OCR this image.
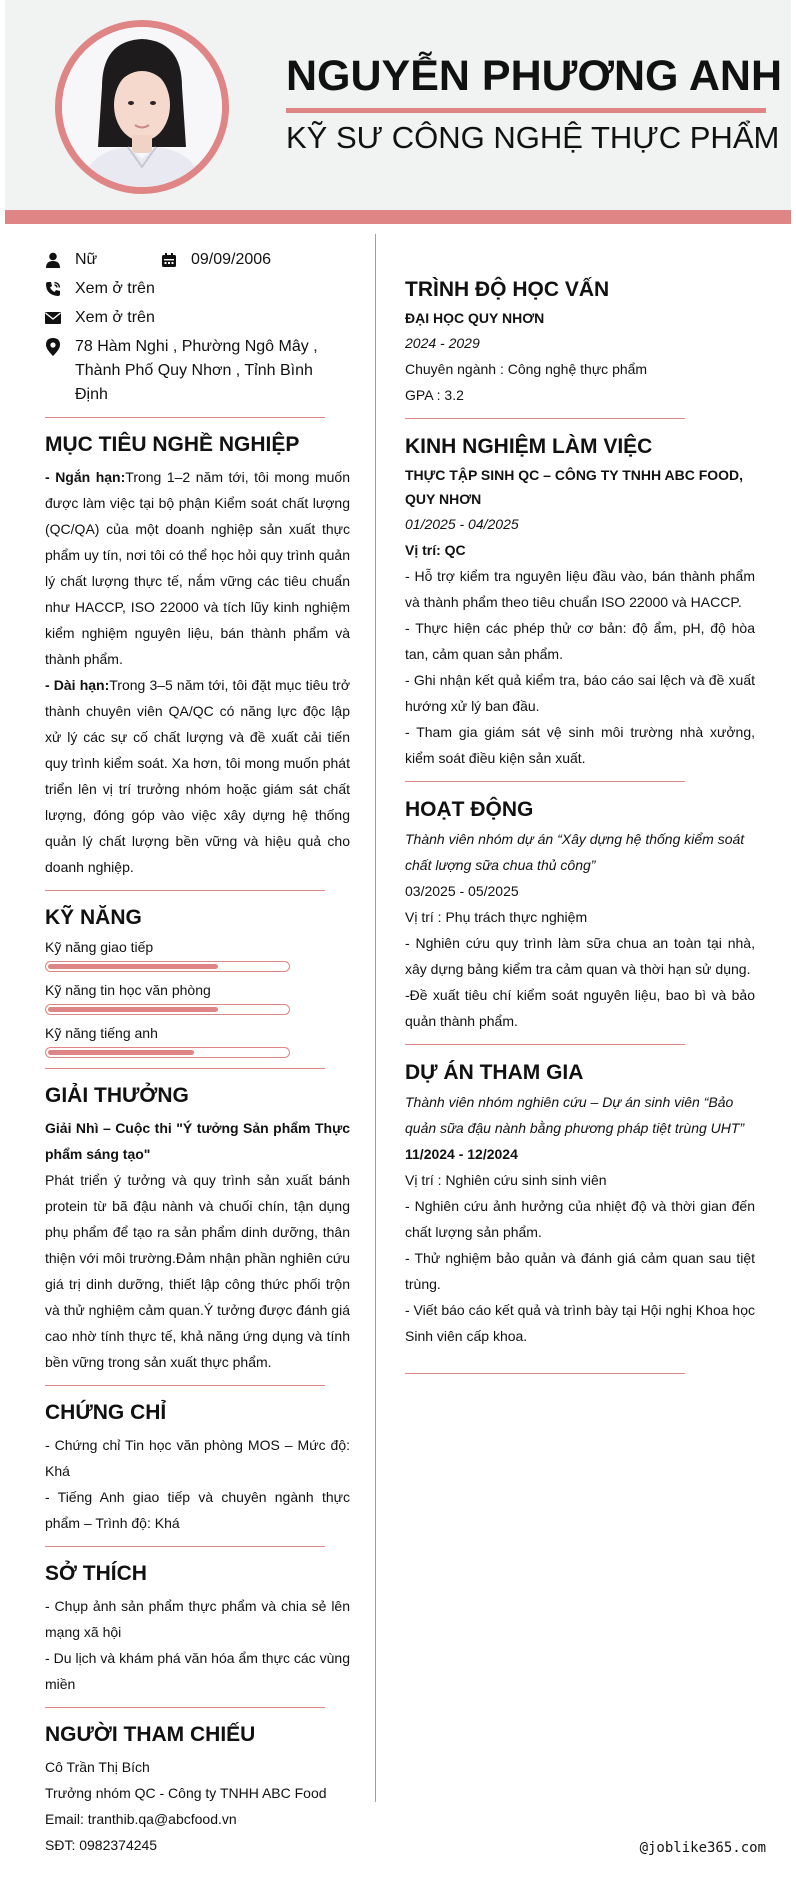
NGUYỄN PHƯƠNG ANH
KỸ SƯ CÔNG NGHỆ THỰC PHẨM
Nữ	09/09/2006
Xem ở trên
Xem ở trên
78 Hàm Nghi , Phường Ngô Mây , Thành Phố Quy Nhơn , Tỉnh Bình Định
MỤC TIÊU NGHỀ NGHIỆP

- Ngắn hạn:Trong 1–2 năm tới, tôi mong muốn được làm việc tại bộ phận Kiểm soát chất lượng (QC/QA) của một doanh nghiệp sản xuất thực phẩm uy tín, nơi tôi có thể học hỏi quy trình quản lý chất lượng thực tế, nắm vững các tiêu chuẩn như HACCP, ISO 22000 và tích lũy kinh nghiệm kiểm nghiệm nguyên liệu, bán thành phẩm và thành phẩm.

- Dài hạn:Trong 3–5 năm tới, tôi đặt mục tiêu trở thành chuyên viên QA/QC có năng lực độc lập xử lý các sự cố chất lượng và đề xuất cải tiến quy trình kiểm soát. Xa hơn, tôi mong muốn phát triển lên vị trí trưởng nhóm hoặc giám sát chất lượng, đóng góp vào việc xây dựng hệ thống quản lý chất lượng bền vững và hiệu quả cho doanh nghiệp.

KỸ NĂNG
Kỹ năng giao tiếp
Kỹ năng tin học văn phòng
Kỹ năng tiếng anh
GIẢI THƯỞNG

Giải Nhì – Cuộc thi "Ý tưởng Sản phẩm Thực phẩm sáng tạo"

Phát triển ý tưởng và quy trình sản xuất bánh protein từ bã đậu nành và chuối chín, tận dụng phụ phẩm để tạo ra sản phẩm dinh dưỡng, thân thiện với môi trường.Đảm nhận phần nghiên cứu giá trị dinh dưỡng, thiết lập công thức phối trộn và thử nghiệm cảm quan.Ý tưởng được đánh giá cao nhờ tính thực tế, khả năng ứng dụng và tính bền vững trong sản xuất thực phẩm.

CHỨNG CHỈ

- Chứng chỉ Tin học văn phòng MOS – Mức độ: Khá

- Tiếng Anh giao tiếp và chuyên ngành thực phẩm – Trình độ: Khá

SỞ THÍCH

- Chụp ảnh sản phẩm thực phẩm và chia sẻ lên mạng xã hội

- Du lịch và khám phá văn hóa ẩm thực các vùng miền

NGƯỜI THAM CHIẾU

Cô Trần Thị Bích

Trưởng nhóm QC - Công ty TNHH ABC Food

Email: tranthib.qa@abcfood.vn

SĐT: 0982374245

TRÌNH ĐỘ HỌC VẤN

ĐẠI HỌC QUY NHƠN

2024 - 2029

Chuyên ngành : Công nghệ thực phẩm

GPA : 3.2

KINH NGHIỆM LÀM VIỆC

THỰC TẬP SINH QC – CÔNG TY TNHH ABC FOOD, QUY NHƠN

01/2025 - 04/2025

Vị trí: QC

- Hỗ trợ kiểm tra nguyên liệu đầu vào, bán thành phẩm và thành phẩm theo tiêu chuẩn ISO 22000 và HACCP.

- Thực hiện các phép thử cơ bản: độ ẩm, pH, độ hòa tan, cảm quan sản phẩm.

- Ghi nhận kết quả kiểm tra, báo cáo sai lệch và đề xuất hướng xử lý ban đầu.

- Tham gia giám sát vệ sinh môi trường nhà xưởng, kiểm soát điều kiện sản xuất.

HOẠT ĐỘNG

Thành viên nhóm dự án “Xây dựng hệ thống kiểm soát chất lượng sữa chua thủ công”

03/2025 - 05/2025

Vị trí : Phụ trách thực nghiệm

- Nghiên cứu quy trình làm sữa chua an toàn tại nhà, xây dựng bảng kiểm tra cảm quan và thời hạn sử dụng.

-Đề xuất tiêu chí kiểm soát nguyên liệu, bao bì và bảo quản thành phẩm.

DỰ ÁN THAM GIA

Thành viên nhóm nghiên cứu – Dự án sinh viên “Bảo quản sữa đậu nành bằng phương pháp tiệt trùng UHT”

11/2024 - 12/2024

Vị trí : Nghiên cứu sinh sinh viên

- Nghiên cứu ảnh hưởng của nhiệt độ và thời gian đến chất lượng sản phẩm.

- Thử nghiệm bảo quản và đánh giá cảm quan sau tiệt trùng.

- Viết báo cáo kết quả và trình bày tại Hội nghị Khoa học Sinh viên cấp khoa.

@joblike365.com
